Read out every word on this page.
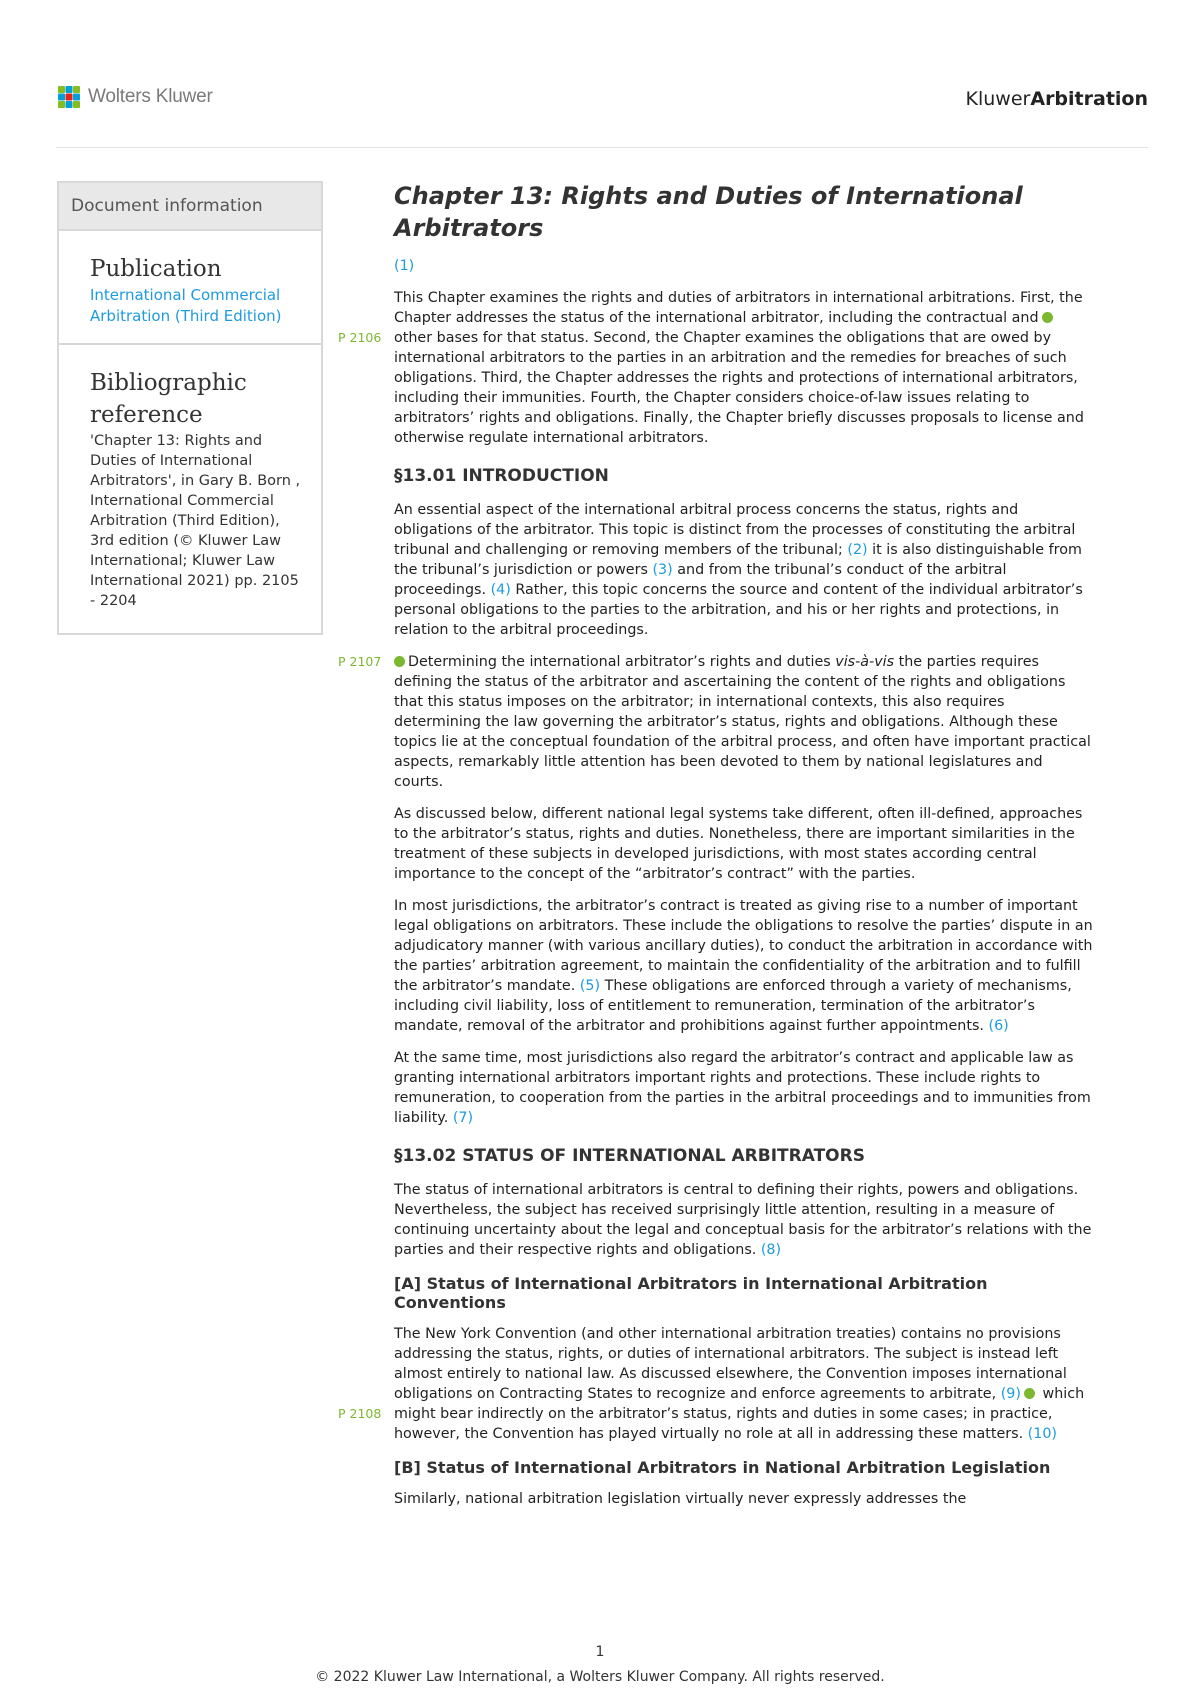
Wolters Kluwer	KluwerArbitration
Document information
Publication
International Commercial Arbitration (Third Edition)
Bibliographic reference
'Chapter 13: Rights and Duties of International Arbitrators', in Gary B. Born , International Commercial Arbitration (Third Edition), 3rd edition (© Kluwer Law International; Kluwer Law International 2021) pp. 2105 - 2204
Chapter 13: Rights and Duties of International Arbitrators

(1)

P 2106
This Chapter examines the rights and duties of arbitrators in international arbitrations. First, the Chapter addresses the status of the international arbitrator, including the contractual and other bases for that status. Second, the Chapter examines the obligations that are owed by international arbitrators to the parties in an arbitration and the remedies for breaches of such obligations. Third, the Chapter addresses the rights and protections of international arbitrators, including their immunities. Fourth, the Chapter considers choice-of-law issues relating to arbitrators’ rights and obligations. Finally, the Chapter briefly discusses proposals to license and otherwise regulate international arbitrators.

§13.01 INTRODUCTION

An essential aspect of the international arbitral process concerns the status, rights and obligations of the arbitrator. This topic is distinct from the processes of constituting the arbitral tribunal and challenging or removing members of the tribunal; (2) it is also distinguishable from the tribunal’s jurisdiction or powers (3) and from the tribunal’s conduct of the arbitral proceedings. (4) Rather, this topic concerns the source and content of the individual arbitrator’s personal obligations to the parties to the arbitration, and his or her rights and protections, in relation to the arbitral proceedings.

P 2107 Determining the international arbitrator’s rights and duties vis-à-vis the parties requires defining the status of the arbitrator and ascertaining the content of the rights and obligations that this status imposes on the arbitrator; in international contexts, this also requires determining the law governing the arbitrator’s status, rights and obligations. Although these topics lie at the conceptual foundation of the arbitral process, and often have important practical aspects, remarkably little attention has been devoted to them by national legislatures and courts.

As discussed below, different national legal systems take different, often ill-defined, approaches to the arbitrator’s status, rights and duties. Nonetheless, there are important similarities in the treatment of these subjects in developed jurisdictions, with most states according central importance to the concept of the “arbitrator’s contract” with the parties.

In most jurisdictions, the arbitrator’s contract is treated as giving rise to a number of important legal obligations on arbitrators. These include the obligations to resolve the parties’ dispute in an adjudicatory manner (with various ancillary duties), to conduct the arbitration in accordance with the parties’ arbitration agreement, to maintain the confidentiality of the arbitration and to fulfill the arbitrator’s mandate. (5) These obligations are enforced through a variety of mechanisms, including civil liability, loss of entitlement to remuneration, termination of the arbitrator’s mandate, removal of the arbitrator and prohibitions against further appointments. (6)

At the same time, most jurisdictions also regard the arbitrator’s contract and applicable law as granting international arbitrators important rights and protections. These include rights to remuneration, to cooperation from the parties in the arbitral proceedings and to immunities from liability. (7)

§13.02 STATUS OF INTERNATIONAL ARBITRATORS

The status of international arbitrators is central to defining their rights, powers and obligations. Nevertheless, the subject has received surprisingly little attention, resulting in a measure of continuing uncertainty about the legal and conceptual basis for the arbitrator’s relations with the parties and their respective rights and obligations. (8)

[A] Status of International Arbitrators in International Arbitration Conventions

P 2108
The New York Convention (and other international arbitration treaties) contains no provisions addressing the status, rights, or duties of international arbitrators. The subject is instead left almost entirely to national law. As discussed elsewhere, the Convention imposes international obligations on Contracting States to recognize and enforce agreements to arbitrate, (9) which might bear indirectly on the arbitrator’s status, rights and duties in some cases; in practice, however, the Convention has played virtually no role at all in addressing these matters. (10)

[B] Status of International Arbitrators in National Arbitration Legislation

Similarly, national arbitration legislation virtually never expressly addresses the

1
© 2022 Kluwer Law International, a Wolters Kluwer Company. All rights reserved.
